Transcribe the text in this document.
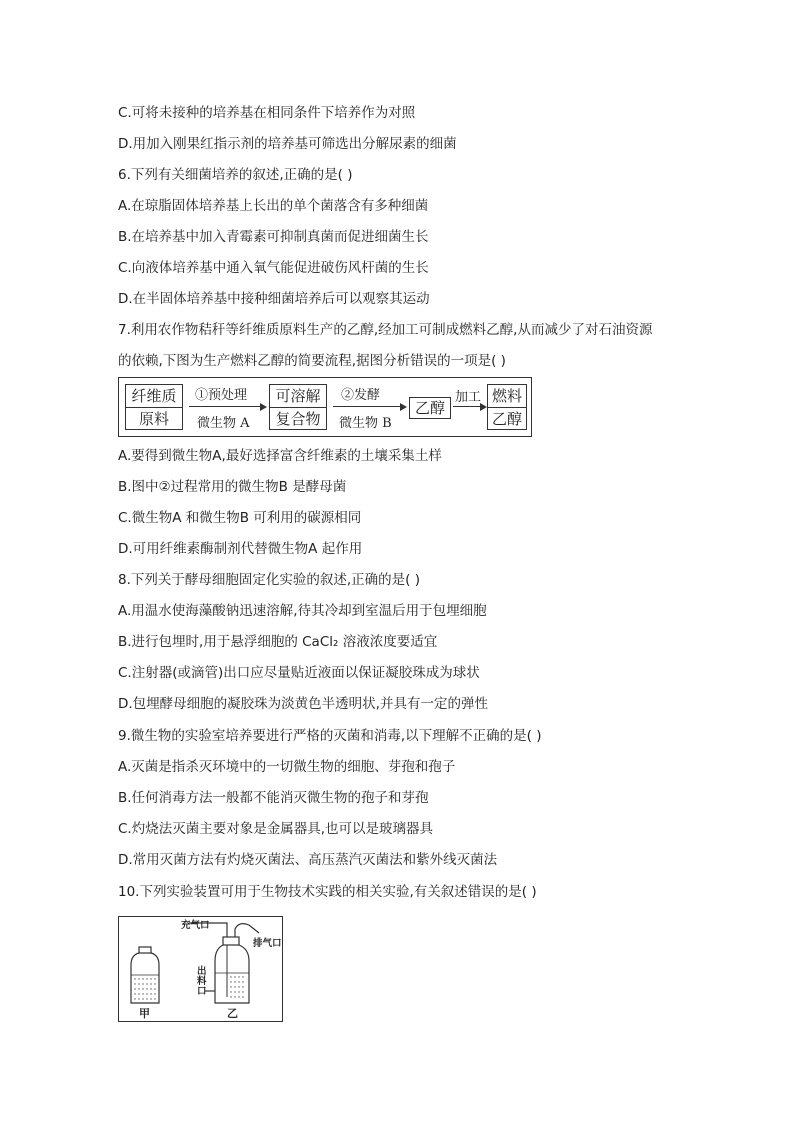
C.可将未接种的培养基在相同条件下培养作为对照
D.用加入刚果红指示剂的培养基可筛选出分解尿素的细菌
6.下列有关细菌培养的叙述,正确的是( )
A.在琼脂固体培养基上长出的单个菌落含有多种细菌
B.在培养基中加入青霉素可抑制真菌而促进细菌生长
C.向液体培养基中通入氧气能促进破伤风杆菌的生长
D.在半固体培养基中接种细菌培养后可以观察其运动
7.利用农作物秸秆等纤维质原料生产的乙醇,经加工可制成燃料乙醇,从而减少了对石油资源
的依赖,下图为生产燃料乙醇的简要流程,据图分析错误的一项是( )
纤维质
原料
①预处理
微生物 A
可溶解
复合物
②发酵
微生物 B
乙醇
加工 燃料
乙醇
A.要得到微生物A,最好选择富含纤维素的土壤采集土样
B.图中②过程常用的微生物B 是酵母菌
C.微生物A 和微生物B 可利用的碳源相同
D.可用纤维素酶制剂代替微生物A 起作用
8.下列关于酵母细胞固定化实验的叙述,正确的是( )
A.用温水使海藻酸钠迅速溶解,待其冷却到室温后用于包埋细胞
B.进行包埋时,用于悬浮细胞的 CaCl₂ 溶液浓度要适宜
C.注射器(或滴管)出口应尽量贴近液面以保证凝胶珠成为球状
D.包埋酵母细胞的凝胶珠为淡黄色半透明状,并具有一定的弹性
9.微生物的实验室培养要进行严格的灭菌和消毒,以下理解不正确的是( )
A.灭菌是指杀灭环境中的一切微生物的细胞、芽孢和孢子
B.任何消毒方法一般都不能消灭微生物的孢子和芽孢
C.灼烧法灭菌主要对象是金属器具,也可以是玻璃器具
D.常用灭菌方法有灼烧灭菌法、高压蒸汽灭菌法和紫外线灭菌法
10.下列实验装置可用于生物技术实践的相关实验,有关叙述错误的是( )
充气口
排气口
出
料
口
甲	乙
